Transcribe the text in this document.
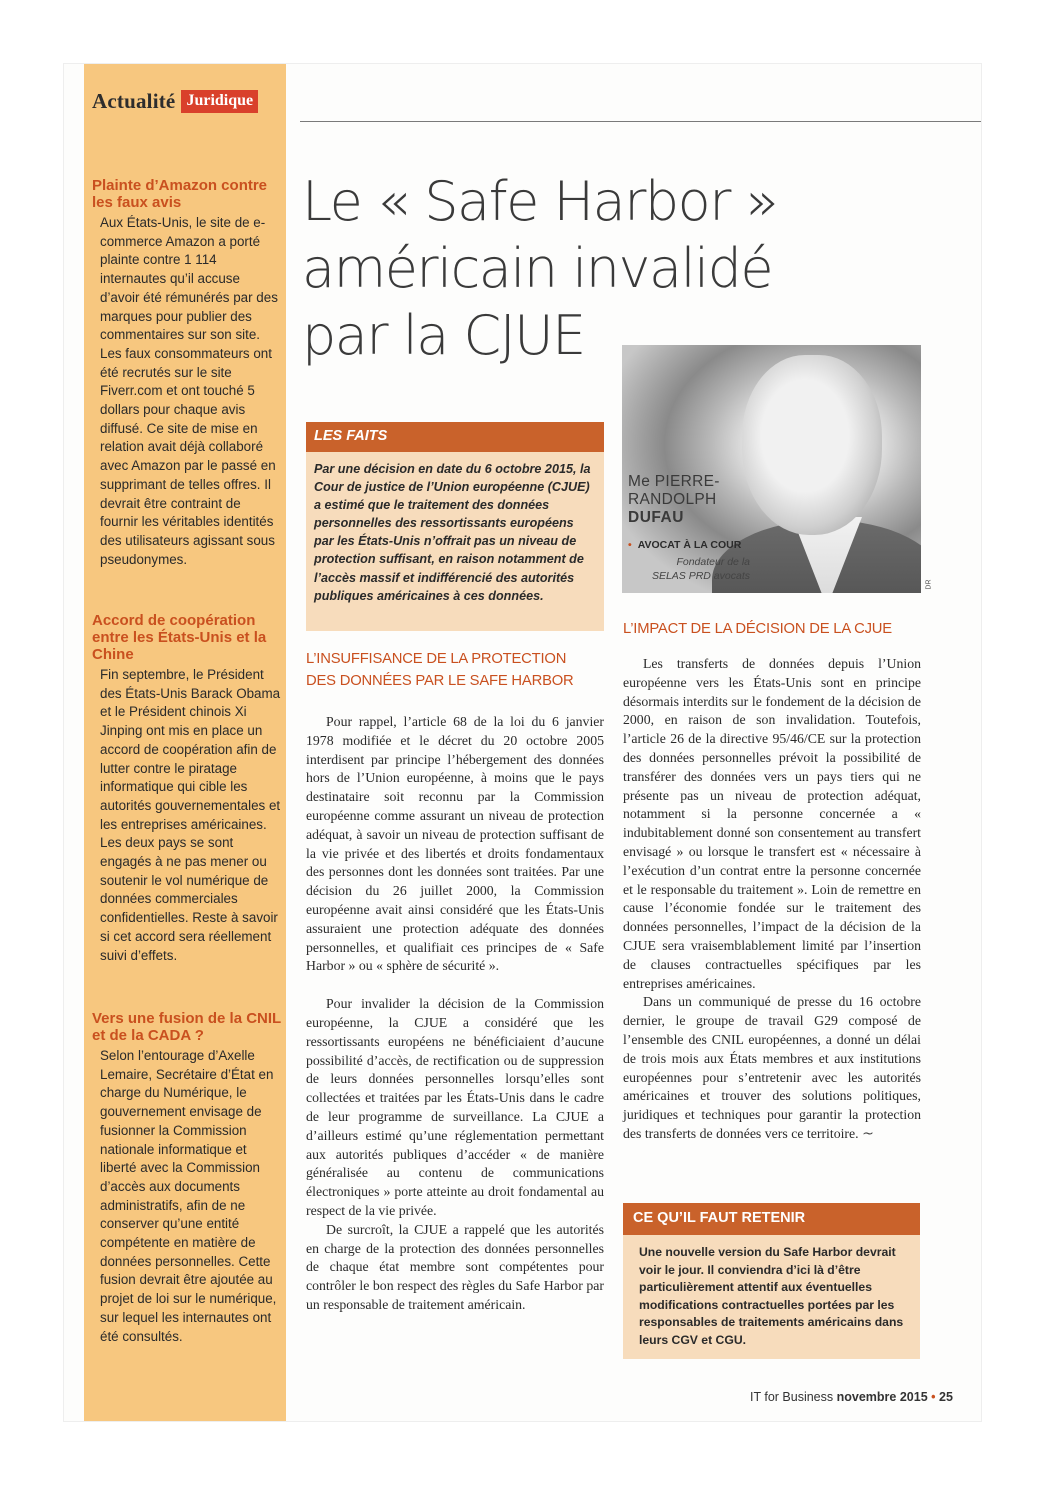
Actualité Juridique
Plainte d’Amazon contre les faux avis
Aux États-Unis, le site de e-commerce Amazon a porté plainte contre 1 114 internautes qu’il accuse d’avoir été rémunérés par des marques pour publier des commentaires sur son site. Les faux consommateurs ont été recrutés sur le site Fiverr.com et ont touché 5 dollars pour chaque avis diffusé. Ce site de mise en relation avait déjà collaboré avec Amazon par le passé en supprimant de telles offres. Il devrait être contraint de fournir les véritables identités des utilisateurs agissant sous pseudonymes.
Accord de coopération entre les États-Unis et la Chine
Fin septembre, le Président des États-Unis Barack Obama et le Président chinois Xi Jinping ont mis en place un accord de coopération afin de lutter contre le piratage informatique qui cible les autorités gouvernementales et les entreprises américaines. Les deux pays se sont engagés à ne pas mener ou soutenir le vol numérique de données commerciales confidentielles. Reste à savoir si cet accord sera réellement suivi d’effets.
Vers une fusion de la CNIL et de la CADA ?
Selon l’entourage d’Axelle Lemaire, Secrétaire d’État en charge du Numérique, le gouvernement envisage de fusionner la Commission nationale informatique et liberté avec la Commission d’accès aux documents administratifs, afin de ne conserver qu’une entité compétente en matière de données personnelles. Cette fusion devrait être ajoutée au projet de loi sur le numérique, sur lequel les internautes ont été consultés.
Le « Safe Harbor »
américain invalidé
par la CJUE
Me PIERRE-
RANDOLPH
DUFAU
• AVOCAT À LA COUR
Fondateur de la
SELAS PRD avocats
DR
LES FAITS
Par une décision en date du 6 octobre 2015, la Cour de justice de l’Union européenne (CJUE) a estimé que le traitement des données personnelles des ressortissants européens par les États-Unis n’offrait pas un niveau de protection suffisant, en raison notamment de l’accès massif et indifférencié des autorités publiques américaines à ces données.
L’INSUFFISANCE DE LA PROTECTION DES DONNÉES PAR LE SAFE HARBOR

Pour rappel, l’article 68 de la loi du 6 janvier 1978 modifiée et le décret du 20 octobre 2005 interdisent par principe l’hébergement des données hors de l’Union européenne, à moins que le pays destinataire soit reconnu par la Commission européenne comme assurant un niveau de protection adéquat, à savoir un niveau de protection suffisant de la vie privée et des libertés et droits fondamentaux des personnes dont les données sont traitées. Par une décision du 26 juillet 2000, la Commission européenne avait ainsi considéré que les États-Unis assuraient une protection adéquate des données personnelles, et qualifiait ces principes de « Safe Harbor » ou « sphère de sécurité ».

Pour invalider la décision de la Commission européenne, la CJUE a considéré que les ressortissants européens ne bénéficiaient d’aucune possibilité d’accès, de rectification ou de suppression de leurs données personnelles lorsqu’elles sont collectées et traitées par les États-Unis dans le cadre de leur programme de surveillance. La CJUE a d’ailleurs estimé qu’une réglementation permettant aux autorités publiques d’accéder « de manière généralisée au contenu de communications électroniques » porte atteinte au droit fondamental au respect de la vie privée.

De surcroît, la CJUE a rappelé que les autorités en charge de la protection des données personnelles de chaque état membre sont compétentes pour contrôler le bon respect des règles du Safe Harbor par un responsable de traitement américain.

L’IMPACT DE LA DÉCISION DE LA CJUE

Les transferts de données depuis l’Union européenne vers les États-Unis sont en principe désormais interdits sur le fondement de la décision de 2000, en raison de son invalidation. Toutefois, l’article 26 de la directive 95/46/CE sur la protection des données personnelles prévoit la possibilité de transférer des données vers un pays tiers qui ne présente pas un niveau de protection adéquat, notamment si la personne concernée a « indubitablement donné son consentement au transfert envisagé » ou lorsque le transfert est « nécessaire à l’exécution d’un contrat entre la personne concernée et le responsable du traitement ». Loin de remettre en cause l’économie fondée sur le traitement des données personnelles, l’impact de la décision de la CJUE sera vraisemblablement limité par l’insertion de clauses contractuelles spécifiques par les entreprises américaines.

Dans un communiqué de presse du 16 octobre dernier, le groupe de travail G29 composé de l’ensemble des CNIL européennes, a donné un délai de trois mois aux États membres et aux institutions européennes pour s’entretenir avec les autorités américaines et trouver des solutions politiques, juridiques et techniques pour garantir la protection des transferts de données vers ce territoire. ~

CE QU’IL FAUT RETENIR
Une nouvelle version du Safe Harbor devrait voir le jour. Il conviendra d’ici là d’être particulièrement attentif aux éventuelles modifications contractuelles portées par les responsables de traitements américains dans leurs CGV et CGU.
IT for Business novembre 2015 • 25
